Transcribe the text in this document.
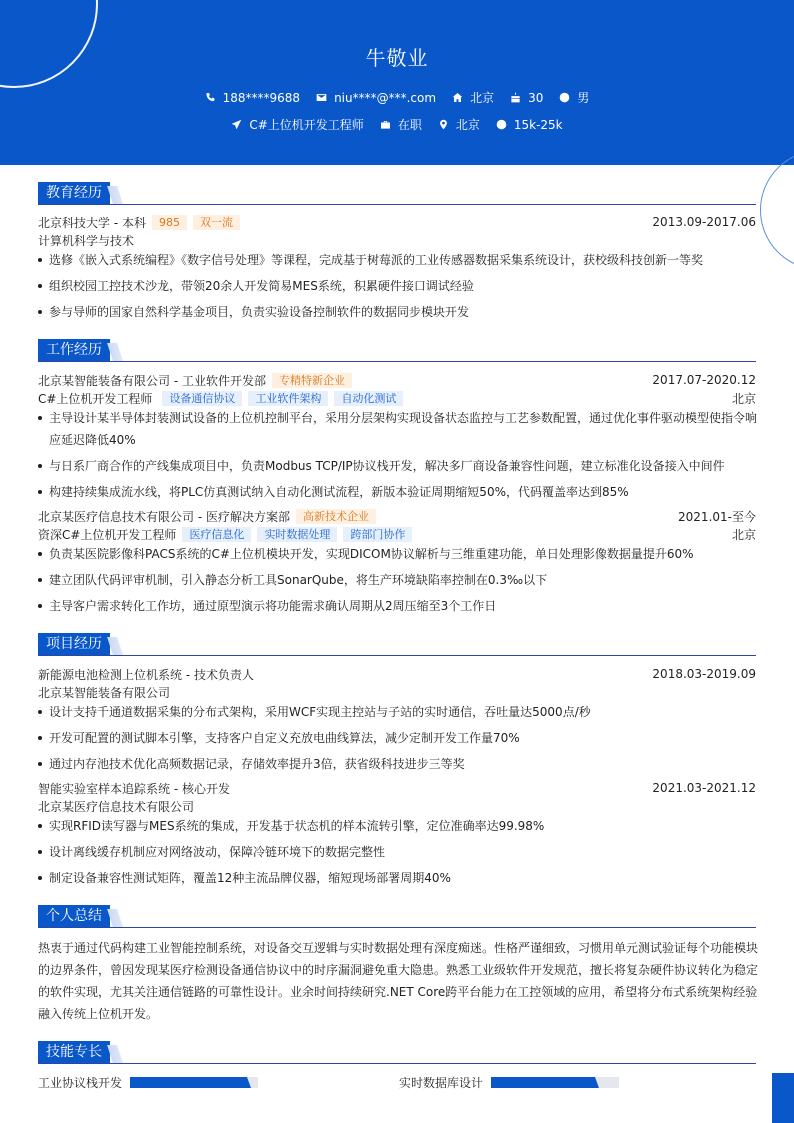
牛敬业
188****9688	niu****@***.com	北京	30	男
C#上位机开发工程师	在职	北京	15k-25k
教育经历
北京科技大学 - 本科	985	双一流	2013.09-2017.06
计算机科学与技术
选修《嵌入式系统编程》《数字信号处理》等课程，完成基于树莓派的工业传感器数据采集系统设计，获校级科技创新一等奖
组织校园工控技术沙龙，带领20余人开发简易MES系统，积累硬件接口调试经验
参与导师的国家自然科学基金项目，负责实验设备控制软件的数据同步模块开发
工作经历
北京某智能装备有限公司 - 工业软件开发部	专精特新企业	2017.07-2020.12
C#上位机开发工程师	设备通信协议	工业软件架构	自动化测试	北京
主导设计某半导体封装测试设备的上位机控制平台，采用分层架构实现设备状态监控与工艺参数配置，通过优化事件驱动模型使指令响应延迟降低40%
与日系厂商合作的产线集成项目中，负责Modbus TCP/IP协议栈开发，解决多厂商设备兼容性问题，建立标准化设备接入中间件
构建持续集成流水线，将PLC仿真测试纳入自动化测试流程，新版本验证周期缩短50%，代码覆盖率达到85%
北京某医疗信息技术有限公司 - 医疗解决方案部	高新技术企业	2021.01-至今
资深C#上位机开发工程师	医疗信息化	实时数据处理	跨部门协作	北京
负责某医院影像科PACS系统的C#上位机模块开发，实现DICOM协议解析与三维重建功能，单日处理影像数据量提升60%
建立团队代码评审机制，引入静态分析工具SonarQube，将生产环境缺陷率控制在0.3‰以下
主导客户需求转化工作坊，通过原型演示将功能需求确认周期从2周压缩至3个工作日
项目经历
新能源电池检测上位机系统 - 技术负责人	2018.03-2019.09
北京某智能装备有限公司
设计支持千通道数据采集的分布式架构，采用WCF实现主控站与子站的实时通信，吞吐量达5000点/秒
开发可配置的测试脚本引擎，支持客户自定义充放电曲线算法，减少定制开发工作量70%
通过内存池技术优化高频数据记录，存储效率提升3倍，获省级科技进步三等奖
智能实验室样本追踪系统 - 核心开发	2021.03-2021.12
北京某医疗信息技术有限公司
实现RFID读写器与MES系统的集成，开发基于状态机的样本流转引擎，定位准确率达99.98%
设计离线缓存机制应对网络波动，保障冷链环境下的数据完整性
制定设备兼容性测试矩阵，覆盖12种主流品牌仪器，缩短现场部署周期40%
个人总结
热衷于通过代码构建工业智能控制系统，对设备交互逻辑与实时数据处理有深度痴迷。性格严谨细致，习惯用单元测试验证每个功能模块的边界条件，曾因发现某医疗检测设备通信协议中的时序漏洞避免重大隐患。熟悉工业级软件开发规范，擅长将复杂硬件协议转化为稳定的软件实现，尤其关注通信链路的可靠性设计。业余时间持续研究.NET Core跨平台能力在工控领域的应用，希望将分布式系统架构经验融入传统上位机开发。
技能专长
工业协议栈开发	实时数据库设计
